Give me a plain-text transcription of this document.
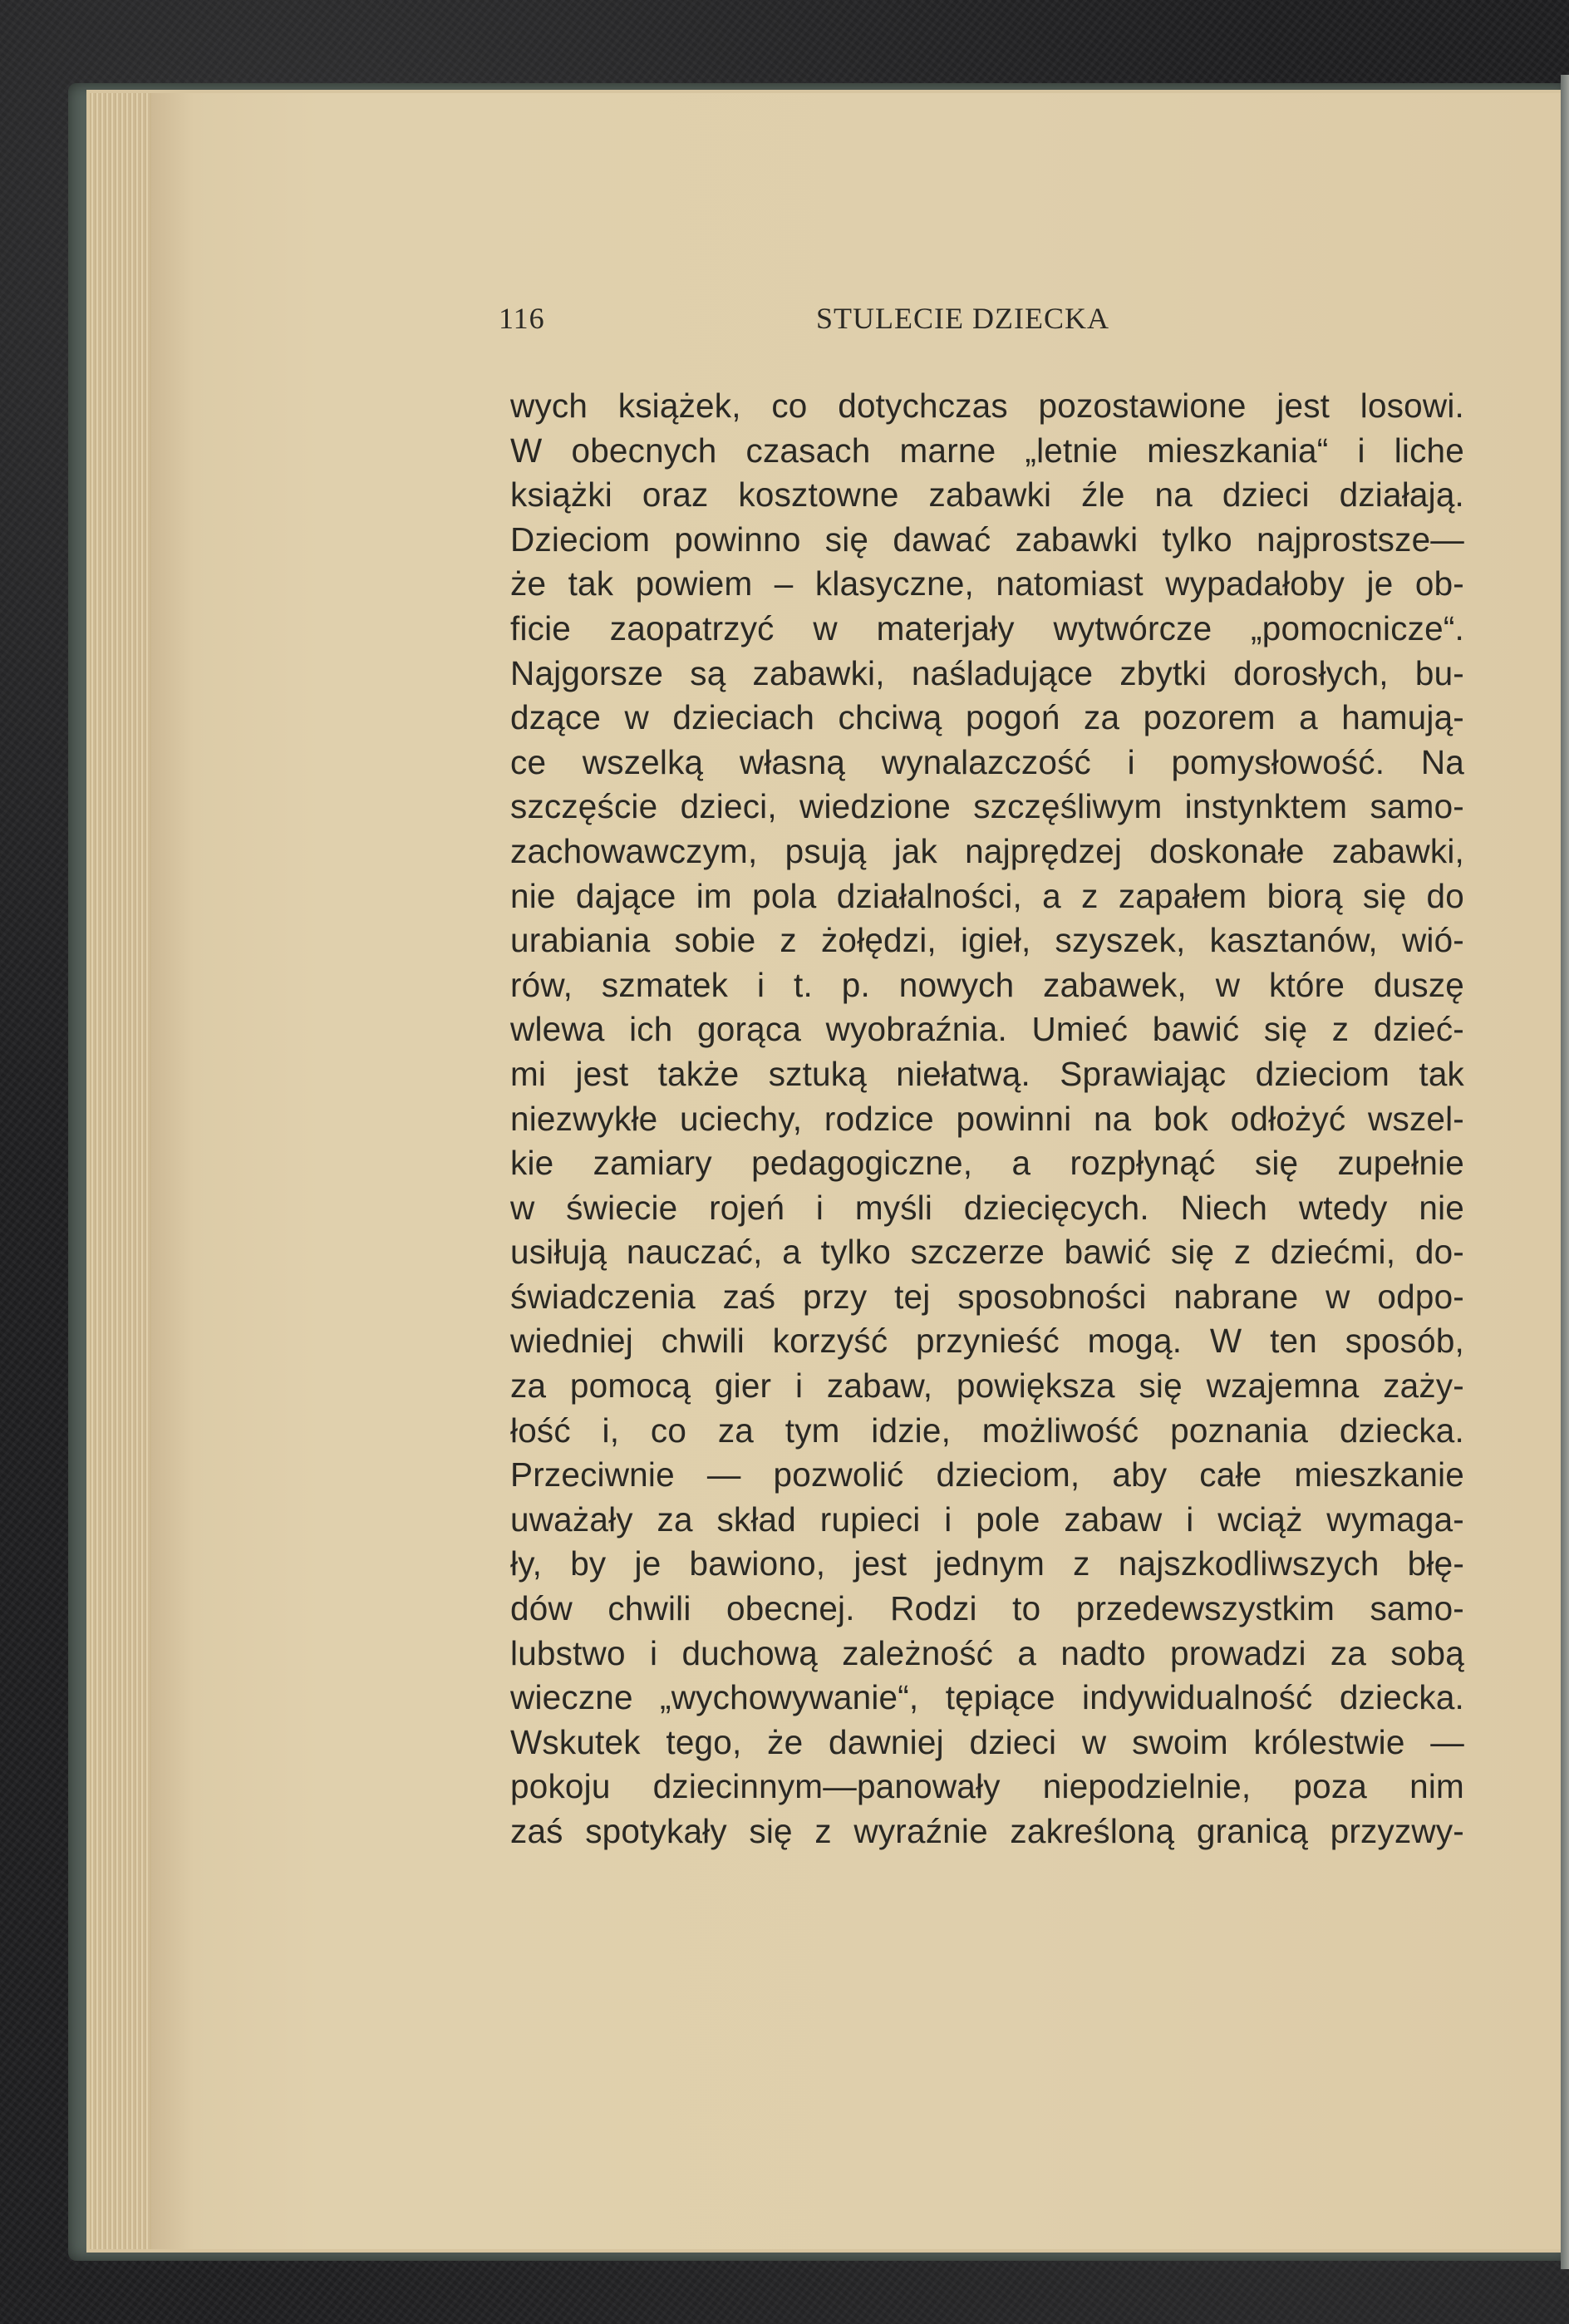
116	STULECIE DZIECKA
wych książek, co dotychczas pozostawione jest losowi.
W obecnych czasach marne „letnie mieszkania“ i liche
książki oraz kosztowne zabawki źle na dzieci działają.
Dzieciom powinno się dawać zabawki tylko najprostsze—
że tak powiem – klasyczne, natomiast wypadałoby je ob-
ficie zaopatrzyć w materjały wytwórcze „pomocnicze“.
Najgorsze są zabawki, naśladujące zbytki dorosłych, bu-
dzące w dzieciach chciwą pogoń za pozorem a hamują-
ce wszelką własną wynalazczość i pomysłowość. Na
szczęście dzieci, wiedzione szczęśliwym instynktem samo-
zachowawczym, psują jak najprędzej doskonałe zabawki,
nie dające im pola działalności, a z zapałem biorą się do
urabiania sobie z żołędzi, igieł, szyszek, kasztanów, wió-
rów, szmatek i t. p. nowych zabawek, w które duszę
wlewa ich gorąca wyobraźnia. Umieć bawić się z dzieć-
mi jest także sztuką niełatwą. Sprawiając dzieciom tak
niezwykłe uciechy, rodzice powinni na bok odłożyć wszel-
kie zamiary pedagogiczne, a rozpłynąć się zupełnie
w świecie rojeń i myśli dziecięcych. Niech wtedy nie
usiłują nauczać, a tylko szczerze bawić się z dziećmi, do-
świadczenia zaś przy tej sposobności nabrane w odpo-
wiedniej chwili korzyść przynieść mogą. W ten sposób,
za pomocą gier i zabaw, powiększa się wzajemna zaży-
łość i, co za tym idzie, możliwość poznania dziecka.
Przeciwnie — pozwolić dzieciom, aby całe mieszkanie
uważały za skład rupieci i pole zabaw i wciąż wymaga-
ły, by je bawiono, jest jednym z najszkodliwszych błę-
dów chwili obecnej. Rodzi to przedewszystkim samo-
lubstwo i duchową zależność a nadto prowadzi za sobą
wieczne „wychowywanie“, tępiące indywidualność dziecka.
Wskutek tego, że dawniej dzieci w swoim królestwie —
pokoju dziecinnym—panowały niepodzielnie, poza nim
zaś spotykały się z wyraźnie zakreśloną granicą przyzwy-
